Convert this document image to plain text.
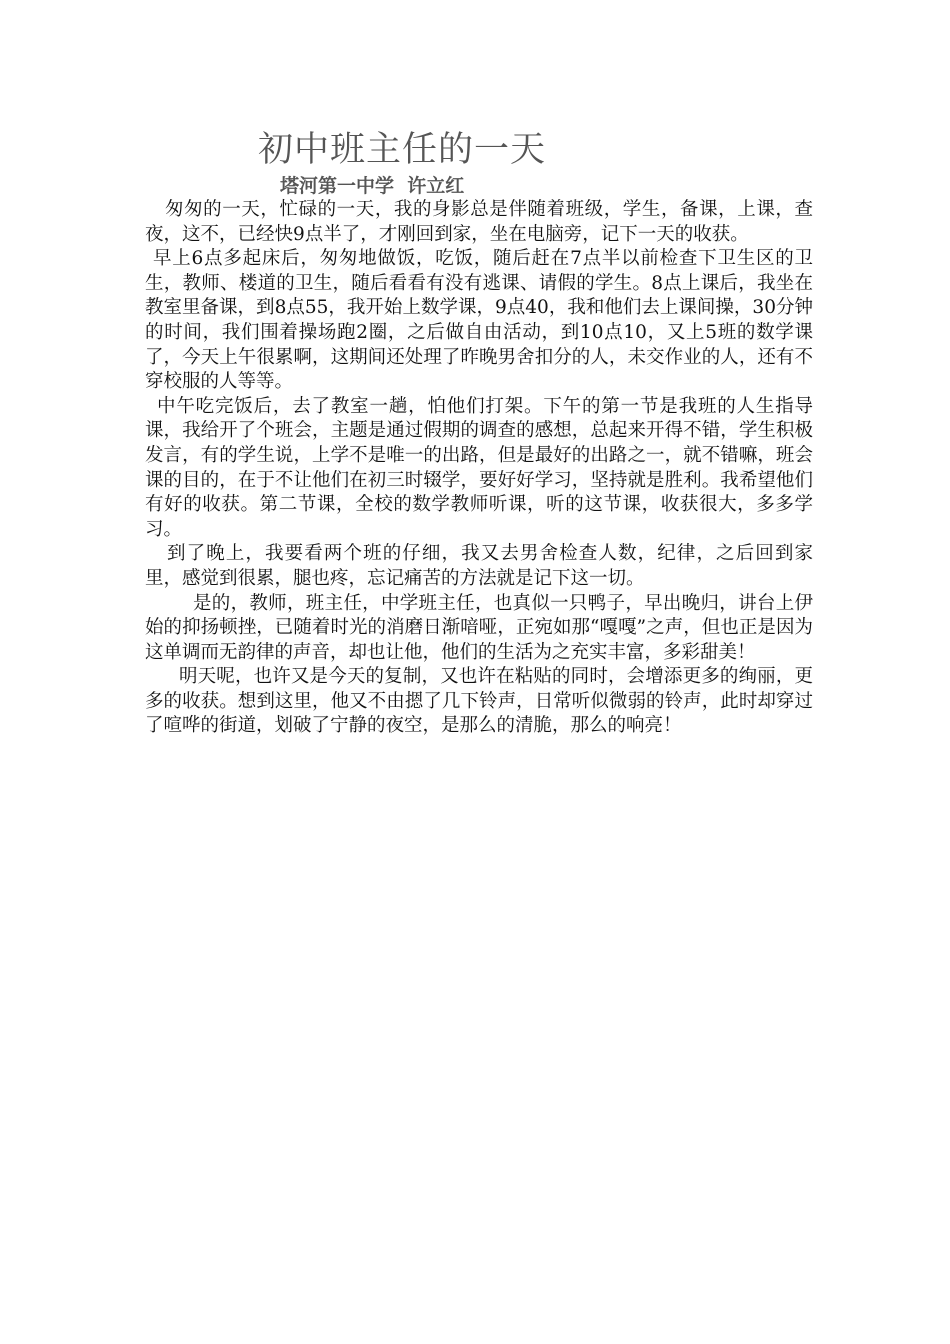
初中班主任的一天
塔河第一中学  许立红

匆匆的一天，忙碌的一天，我的身影总是伴随着班级，学生，备课，上课，查夜，这不，已经快9点半了，才刚回到家，坐在电脑旁，记下一天的收获。

早上6点多起床后，匆匆地做饭，吃饭，随后赶在7点半以前检查下卫生区的卫生，教师、楼道的卫生，随后看看有没有逃课、请假的学生。8点上课后，我坐在教室里备课，到8点55，我开始上数学课，9点40，我和他们去上课间操，30分钟的时间，我们围着操场跑2圈，之后做自由活动，到10点10，又上5班的数学课了，今天上午很累啊，这期间还处理了昨晚男舍扣分的人，未交作业的人，还有不穿校服的人等等。

中午吃完饭后，去了教室一趟，怕他们打架。下午的第一节是我班的人生指导课，我给开了个班会，主题是通过假期的调查的感想，总起来开得不错，学生积极发言，有的学生说，上学不是唯一的出路，但是最好的出路之一，就不错嘛，班会课的目的，在于不让他们在初三时辍学，要好好学习，坚持就是胜利。我希望他们有好的收获。第二节课，全校的数学教师听课，听的这节课，收获很大，多多学习。

到了晚上，我要看两个班的仔细，我又去男舍检查人数，纪律，之后回到家里，感觉到很累，腿也疼，忘记痛苦的方法就是记下这一切。

是的，教师，班主任，中学班主任，也真似一只鸭子，早出晚归，讲台上伊始的抑扬顿挫，已随着时光的消磨日渐喑哑，正宛如那“嘎嘎”之声，但也正是因为这单调而无韵律的声音，却也让他，他们的生活为之充实丰富，多彩甜美！

明天呢，也许又是今天的复制，又也许在粘贴的同时，会增添更多的绚丽，更多的收获。想到这里，他又不由摁了几下铃声，日常听似微弱的铃声，此时却穿过了喧哗的街道，划破了宁静的夜空，是那么的清脆，那么的响亮！
